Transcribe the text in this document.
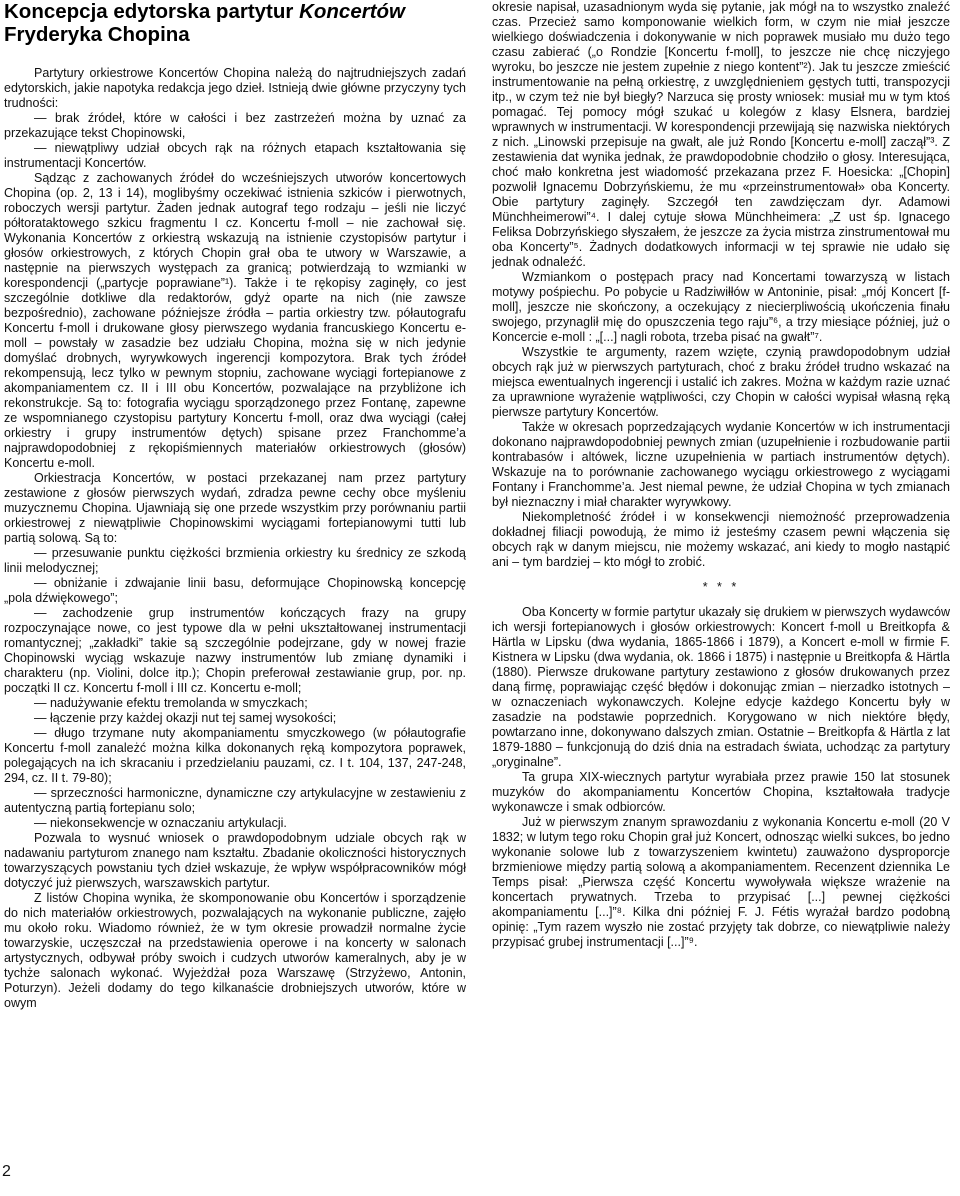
Koncepcja edytorska partytur Koncertów
Fryderyka Chopina

Partytury orkiestrowe Koncertów Chopina należą do najtrudniejszych zadań edytorskich, jakie napotyka redakcja jego dzieł. Istnieją dwie główne przyczyny tych trudności:

— brak źródeł, które w całości i bez zastrzeżeń można by uznać za przekazujące tekst Chopinowski,

— niewątpliwy udział obcych rąk na różnych etapach kształtowania się instrumentacji Koncertów.

Sądząc z zachowanych źródeł do wcześniejszych utworów koncertowych Chopina (op. 2, 13 i 14), moglibyśmy oczekiwać istnienia szkiców i pierwotnych, roboczych wersji partytur. Żaden jednak autograf tego rodzaju – jeśli nie liczyć półtorataktowego szkicu fragmentu I cz. Koncertu f-moll – nie zachował się. Wykonania Koncertów z orkiestrą wskazują na istnienie czystopisów partytur i głosów orkiestrowych, z których Chopin grał oba te utwory w Warszawie, a następnie na pierwszych występach za granicą; potwierdzają to wzmianki w korespondencji („partycje poprawiane”¹). Także i te rękopisy zaginęły, co jest szczególnie dotkliwe dla redaktorów, gdyż oparte na nich (nie zawsze bezpośrednio), zachowane późniejsze źródła – partia orkiestry tzw. półautografu Koncertu f-moll i drukowane głosy pierwszego wydania francuskiego Koncertu e-moll – powstały w zasadzie bez udziału Chopina, można się w nich jedynie domyślać drobnych, wyrywkowych ingerencji kompozytora. Brak tych źródeł rekompensują, lecz tylko w pewnym stopniu, zachowane wyciągi fortepianowe z akompaniamentem cz. II i III obu Koncertów, pozwalające na przybliżone ich rekonstrukcje. Są to: fotografia wyciągu sporządzonego przez Fontanę, zapewne ze wspomnianego czystopisu partytury Koncertu f-moll, oraz dwa wyciągi (całej orkiestry i grupy instrumentów dętych) spisane przez Franchomme’a najprawdopodobniej z rękopiśmiennych materiałów orkiestrowych (głosów) Koncertu e-moll.

Orkiestracja Koncertów, w postaci przekazanej nam przez partytury zestawione z głosów pierwszych wydań, zdradza pewne cechy obce myśleniu muzycznemu Chopina. Ujawniają się one przede wszystkim przy porównaniu partii orkiestrowej z niewątpliwie Chopinowskimi wyciągami fortepianowymi tutti lub partią solową. Są to:

— przesuwanie punktu ciężkości brzmienia orkiestry ku średnicy ze szkodą linii melodycznej;

— obniżanie i zdwajanie linii basu, deformujące Chopinowską koncepcję „pola dźwiękowego”;

— zachodzenie grup instrumentów kończących frazy na grupy rozpoczynające nowe, co jest typowe dla w pełni ukształtowanej instrumentacji romantycznej; „zakładki” takie są szczególnie podejrzane, gdy w nowej frazie Chopinowski wyciąg wskazuje nazwy instrumentów lub zmianę dynamiki i charakteru (np. Violini, dolce itp.); Chopin preferował zestawianie grup, por. np. początki II cz. Koncertu f-moll i III cz. Koncertu e-moll;

— nadużywanie efektu tremolanda w smyczkach;

— łączenie przy każdej okazji nut tej samej wysokości;

— długo trzymane nuty akompaniamentu smyczkowego (w półautografie Koncertu f-moll zanależć można kilka dokonanych ręką kompozytora poprawek, polegających na ich skracaniu i przedzielaniu pauzami, cz. I t. 104, 137, 247-248, 294, cz. II t. 79-80);

— sprzeczności harmoniczne, dynamiczne czy artykulacyjne w zestawieniu z autentyczną partią fortepianu solo;

— niekonsekwencje w oznaczaniu artykulacji.

Pozwala to wysnuć wniosek o prawdopodobnym udziale obcych rąk w nadawaniu partyturom znanego nam kształtu. Zbadanie okoliczności historycznych towarzyszących powstaniu tych dzieł wskazuje, że wpływ współpracowników mógł dotyczyć już pierwszych, warszawskich partytur.

Z listów Chopina wynika, że skomponowanie obu Koncertów i sporządzenie do nich materiałów orkiestrowych, pozwalających na wykonanie publiczne, zajęło mu około roku. Wiadomo również, że w tym okresie prowadził normalne życie towarzyskie, uczęszczał na przedstawienia operowe i na koncerty w salonach artystycznych, odbywał próby swoich i cudzych utworów kameralnych, aby je w tychże salonach wykonać. Wyjeżdżał poza Warszawę (Strzyżewo, Antonin, Poturzyn). Jeżeli dodamy do tego kilkanaście drobniejszych utworów, które w owym

okresie napisał, uzasadnionym wyda się pytanie, jak mógł na to wszystko znaleźć czas. Przecież samo komponowanie wielkich form, w czym nie miał jeszcze wielkiego doświadczenia i dokonywanie w nich poprawek musiało mu dużo tego czasu zabierać („o Rondzie [Koncertu f-moll], to jeszcze nie chcę niczyjego wyroku, bo jeszcze nie jestem zupełnie z niego kontent”²). Jak tu jeszcze zmieścić instrumentowanie na pełną orkiestrę, z uwzględnieniem gęstych tutti, transpozycji itp., w czym też nie był biegły? Narzuca się prosty wniosek: musiał mu w tym ktoś pomagać. Tej pomocy mógł szukać u kolegów z klasy Elsnera, bardziej wprawnych w instrumentacji. W korespondencji przewijają się nazwiska niektórych z nich. „Linowski przepisuje na gwałt, ale już Rondo [Koncertu e-moll] zaczął”³. Z zestawienia dat wynika jednak, że prawdopodobnie chodziło o głosy. Interesująca, choć mało konkretna jest wiadomość przekazana przez F. Hoesicka: „[Chopin] pozwolił Ignacemu Dobrzyńskiemu, że mu «przeinstrumentował» oba Koncerty. Obie partytury zaginęły. Szczegół ten zawdzięczam dyr. Adamowi Münchheimerowi”⁴. I dalej cytuje słowa Münchheimera: „Z ust śp. Ignacego Feliksa Dobrzyńskiego słyszałem, że jeszcze za życia mistrza zinstrumentował mu oba Koncerty”⁵. Żadnych dodatkowych informacji w tej sprawie nie udało się jednak odnaleźć.

Wzmiankom o postępach pracy nad Koncertami towarzyszą w listach motywy pośpiechu. Po pobycie u Radziwiłłów w Antoninie, pisał: „mój Koncert [f-moll], jeszcze nie skończony, a oczekujący z niecierpliwością ukończenia finału swojego, przynaglił mię do opuszczenia tego raju”⁶, a trzy miesiące później, już o Koncercie e-moll : „[...] nagli robota, trzeba pisać na gwałt”⁷.

Wszystkie te argumenty, razem wzięte, czynią prawdopodobnym udział obcych rąk już w pierwszych partyturach, choć z braku źródeł trudno wskazać na miejsca ewentualnych ingerencji i ustalić ich zakres. Można w każdym razie uznać za uprawnione wyrażenie wątpliwości, czy Chopin w całości wypisał własną ręką pierwsze partytury Koncertów.

Także w okresach poprzedzających wydanie Koncertów w ich instrumentacji dokonano najprawdopodobniej pewnych zmian (uzupełnienie i rozbudowanie partii kontrabasów i altówek, liczne uzupełnienia w partiach instrumentów dętych). Wskazuje na to porównanie zachowanego wyciągu orkiestrowego z wyciągami Fontany i Franchomme’a. Jest niemal pewne, że udział Chopina w tych zmianach był nieznaczny i miał charakter wyrywkowy.

Niekompletność źródeł i w konsekwencji niemożność przeprowadzenia dokładnej filiacji powodują, że mimo iż jesteśmy czasem pewni włączenia się obcych rąk w danym miejscu, nie możemy wskazać, ani kiedy to mogło nastąpić ani – tym bardziej – kto mógł to zrobić.

* * *

Oba Koncerty w formie partytur ukazały się drukiem w pierwszych wydawców ich wersji fortepianowych i głosów orkiestrowych: Koncert f-moll u Breitkopfa & Härtla w Lipsku (dwa wydania, 1865-1866 i 1879), a Koncert e-moll w firmie F. Kistnera w Lipsku (dwa wydania, ok. 1866 i 1875) i następnie u Breitkopfa & Härtla (1880). Pierwsze drukowane partytury zestawiono z głosów drukowanych przez daną firmę, poprawiając część błędów i dokonując zmian – nierzadko istotnych – w oznaczeniach wykonawczych. Kolejne edycje każdego Koncertu były w zasadzie na podstawie poprzednich. Korygowano w nich niektóre błędy, powtarzano inne, dokonywano dalszych zmian. Ostatnie – Breitkopfa & Härtla z lat 1879-1880 – funkcjonują do dziś dnia na estradach świata, uchodząc za partytury „oryginalne”.

Ta grupa XIX-wiecznych partytur wyrabiała przez prawie 150 lat stosunek muzyków do akompaniamentu Koncertów Chopina, kształtowała tradycje wykonawcze i smak odbiorców.

Już w pierwszym znanym sprawozdaniu z wykonania Koncertu e-moll (20 V 1832; w lutym tego roku Chopin grał już Koncert, odnosząc wielki sukces, bo jedno wykonanie solowe lub z towarzyszeniem kwintetu) zauważono dysproporcje brzmieniowe między partią solową a akompaniamentem. Recenzent dziennika Le Temps pisał: „Pierwsza część Koncertu wywoływała większe wrażenie na koncertach prywatnych. Trzeba to przypisać [...] pewnej ciężkości akompaniamentu [...]”⁸. Kilka dni później F. J. Fétis wyrażał bardzo podobną opinię: „Tym razem wyszło nie zostać przyjęty tak dobrze, co niewątpliwie należy przypisać grubej instrumentacji [...]”⁹.

2
